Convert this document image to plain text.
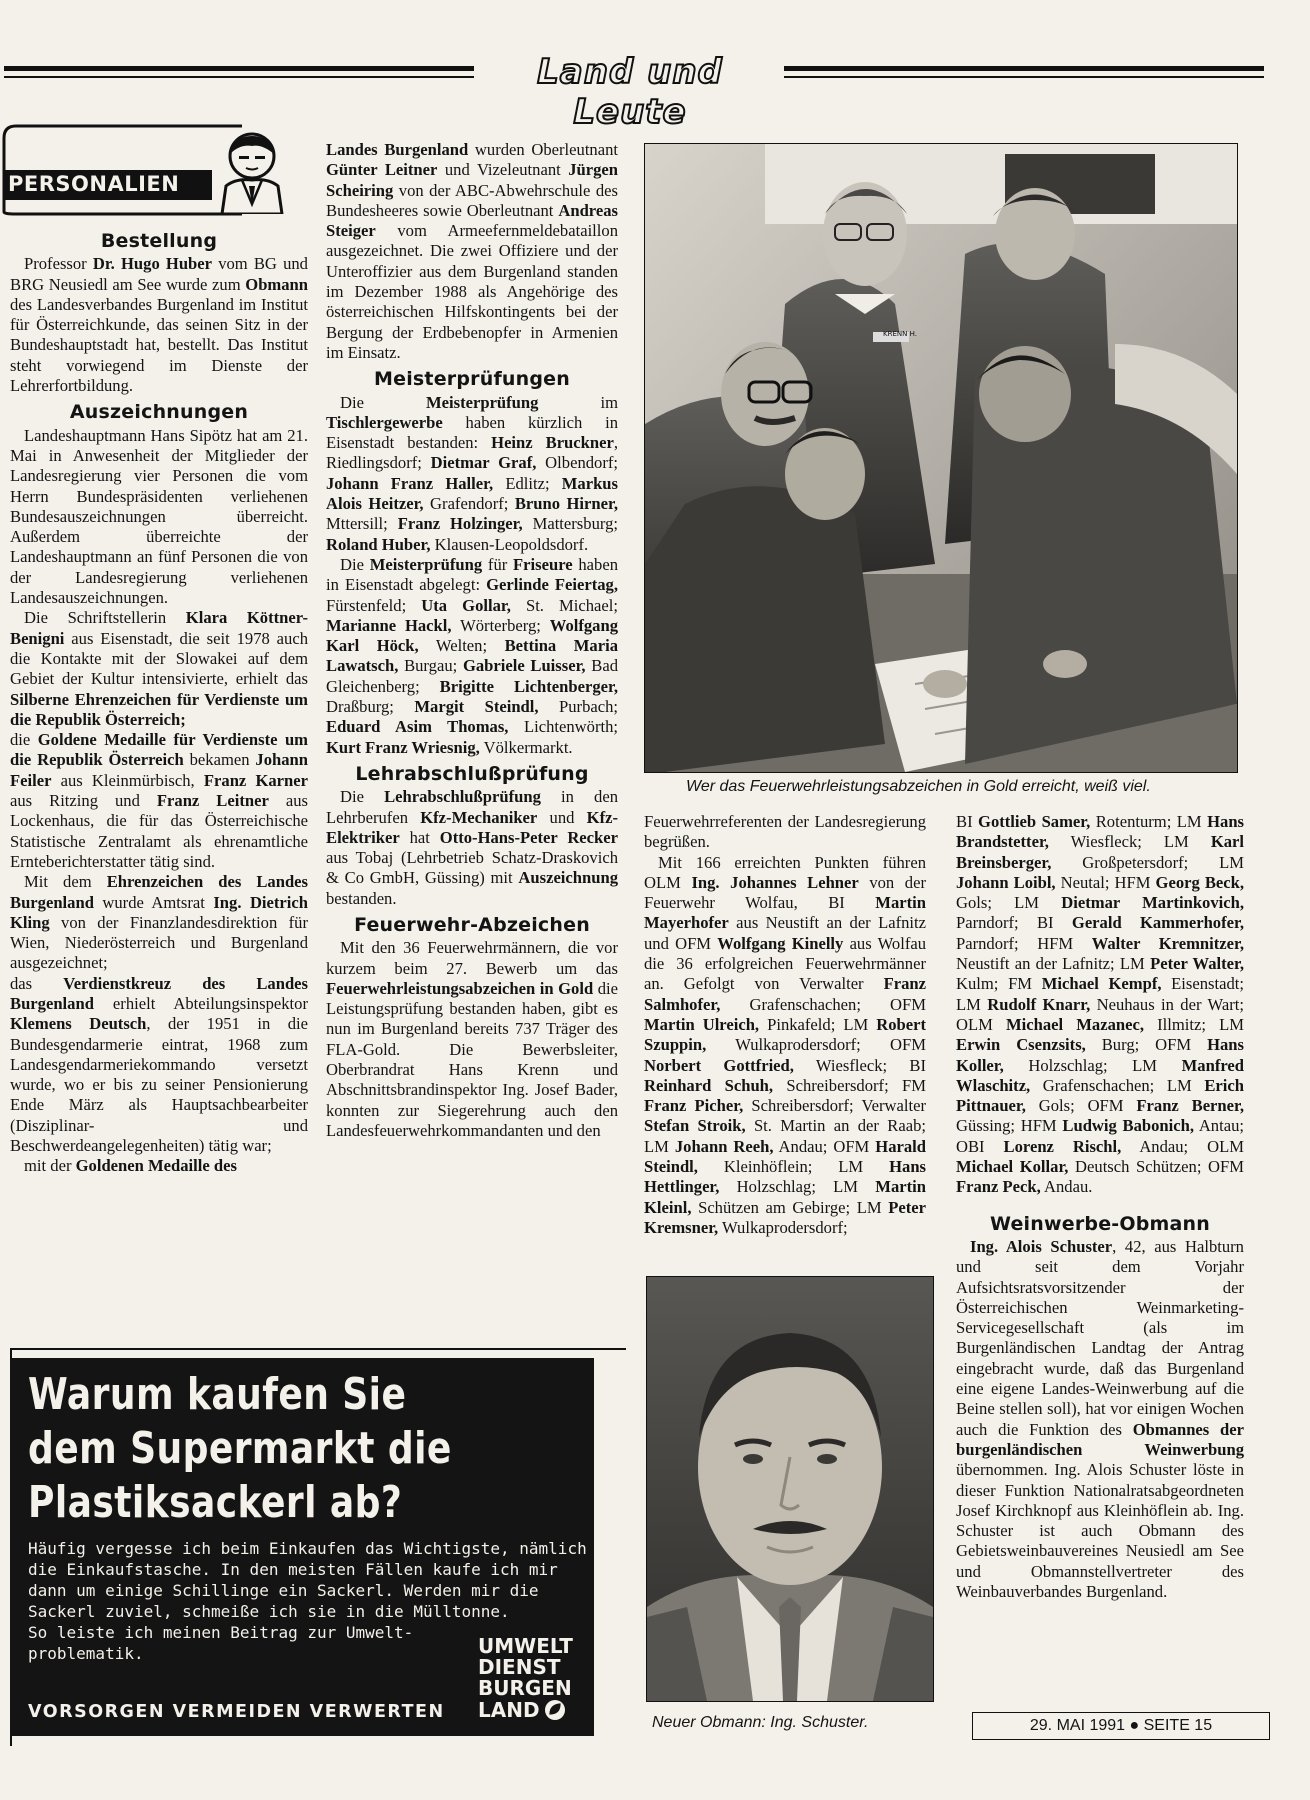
Land und Leute
PERSONALIEN
Bestellung

Professor Dr. Hugo Huber vom BG und BRG Neusiedl am See wurde zum Obmann des Landesverbandes Burgenland im Institut für Österreichkunde, das seinen Sitz in der Bundeshauptstadt hat, bestellt. Das Institut steht vorwiegend im Dienste der Lehrerfortbildung.

Auszeichnungen

Landeshauptmann Hans Sipötz hat am 21. Mai in Anwesenheit der Mitglieder der Landesregierung vier Personen die vom Herrn Bundespräsidenten verliehenen Bundesauszeichnungen überreicht. Außerdem überreichte der Landeshauptmann an fünf Personen die von der Landesregierung verliehenen Landesauszeichnungen.

Die Schriftstellerin Klara Köttner-Benigni aus Eisenstadt, die seit 1978 auch die Kontakte mit der Slowakei auf dem Gebiet der Kultur intensivierte, erhielt das Silberne Ehrenzeichen für Verdienste um die Republik Österreich;

die Goldene Medaille für Verdienste um die Republik Österreich bekamen Johann Feiler aus Kleinmürbisch, Franz Karner aus Ritzing und Franz Leitner aus Lockenhaus, die für das Österreichische Statistische Zentralamt als ehrenamtliche Ernteberichterstatter tätig sind.

Mit dem Ehrenzeichen des Landes Burgenland wurde Amtsrat Ing. Dietrich Kling von der Finanzlandesdirektion für Wien, Niederösterreich und Burgenland ausgezeichnet;

das Verdienstkreuz des Landes Burgenland erhielt Abteilungsinspektor Klemens Deutsch, der 1951 in die Bundesgendarmerie eintrat, 1968 zum Landesgendarmeriekommando versetzt wurde, wo er bis zu seiner Pensionierung Ende März als Hauptsachbearbeiter (Disziplinar- und Beschwerdeangelegenheiten) tätig war;

mit der Goldenen Medaille des

Landes Burgenland wurden Oberleutnant Günter Leitner und Vizeleutnant Jürgen Scheiring von der ABC-Abwehrschule des Bundesheeres sowie Oberleutnant Andreas Steiger vom Armeefernmeldebataillon ausgezeichnet. Die zwei Offiziere und der Unteroffizier aus dem Burgenland standen im Dezember 1988 als Angehörige des österreichischen Hilfskontingents bei der Bergung der Erdbebenopfer in Armenien im Einsatz.

Meisterprüfungen

Die Meisterprüfung im Tischlergewerbe haben kürzlich in Eisenstadt bestanden: Heinz Bruckner, Riedlingsdorf; Dietmar Graf, Olbendorf; Johann Franz Haller, Edlitz; Markus Alois Heitzer, Grafendorf; Bruno Hirner, Mttersill; Franz Holzinger, Mattersburg; Roland Huber, Klausen-Leopoldsdorf.

Die Meisterprüfung für Friseure haben in Eisenstadt abgelegt: Gerlinde Feiertag, Fürstenfeld; Uta Gollar, St. Michael; Marianne Hackl, Wörterberg; Wolfgang Karl Höck, Welten; Bettina Maria Lawatsch, Burgau; Gabriele Luisser, Bad Gleichenberg; Brigitte Lichtenberger, Draßburg; Margit Steindl, Purbach; Eduard Asim Thomas, Lichtenwörth; Kurt Franz Wriesnig, Völkermarkt.

Lehrabschlußprüfung

Die Lehrabschlußprüfung in den Lehrberufen Kfz-Mechaniker und Kfz-Elektriker hat Otto-Hans-Peter Recker aus Tobaj (Lehrbetrieb Schatz-Draskovich & Co GmbH, Güssing) mit Auszeichnung bestanden.

Feuerwehr-Abzeichen

Mit den 36 Feuerwehrmännern, die vor kurzem beim 27. Bewerb um das Feuerwehrleistungsabzeichen in Gold die Leistungsprüfung bestanden haben, gibt es nun im Burgenland bereits 737 Träger des FLA-Gold. Die Bewerbsleiter, Oberbrandrat Hans Krenn und Abschnittsbrandinspektor Ing. Josef Bader, konnten zur Siegerehrung auch den Landesfeuerwehrkommandanten und den

KRENN H.
Wer das Feuerwehrleistungsabzeichen in Gold erreicht, weiß viel.

Feuerwehrreferenten der Landesregierung begrüßen.

Mit 166 erreichten Punkten führen OLM Ing. Johannes Lehner von der Feuerwehr Wolfau, BI Martin Mayerhofer aus Neustift an der Lafnitz und OFM Wolfgang Kinelly aus Wolfau die 36 erfolgreichen Feuerwehrmänner an. Gefolgt von Verwalter Franz Salmhofer, Grafenschachen; OFM Martin Ulreich, Pinkafeld; LM Robert Szuppin, Wulkaprodersdorf; OFM Norbert Gottfried, Wiesfleck; BI Reinhard Schuh, Schreibersdorf; FM Franz Picher, Schreibersdorf; Verwalter Stefan Stroik, St. Martin an der Raab; LM Johann Reeh, Andau; OFM Harald Steindl, Kleinhöflein; LM Hans Hettlinger, Holzschlag; LM Martin Kleinl, Schützen am Gebirge; LM Peter Kremsner, Wulkaprodersdorf;

BI Gottlieb Samer, Rotenturm; LM Hans Brandstetter, Wiesfleck; LM Karl Breinsberger, Großpetersdorf; LM Johann Loibl, Neutal; HFM Georg Beck, Gols; LM Dietmar Martinkovich, Parndorf; BI Gerald Kammerhofer, Parndorf; HFM Walter Kremnitzer, Neustift an der Lafnitz; LM Peter Walter, Kulm; FM Michael Kempf, Eisenstadt; LM Rudolf Knarr, Neuhaus in der Wart; OLM Michael Mazanec, Illmitz; LM Erwin Csenzsits, Burg; OFM Hans Koller, Holzschlag; LM Manfred Wlaschitz, Grafenschachen; LM Erich Pittnauer, Gols; OFM Franz Berner, Güssing; HFM Ludwig Babonich, Antau; OBI Lorenz Rischl, Andau; OLM Michael Kollar, Deutsch Schützen; OFM Franz Peck, Andau.

Weinwerbe-Obmann

Ing. Alois Schuster, 42, aus Halbturn und seit dem Vorjahr Aufsichtsratsvorsitzender der Österreichischen Weinmarketing-Servicegesellschaft (als im Burgenländischen Landtag der Antrag eingebracht wurde, daß das Burgenland eine eigene Landes-Weinwerbung auf die Beine stellen soll), hat vor einigen Wochen auch die Funktion des Obmannes der burgenländischen Weinwerbung übernommen. Ing. Alois Schuster löste in dieser Funktion Nationalratsabgeordneten Josef Kirchknopf aus Kleinhöflein ab. Ing. Schuster ist auch Obmann des Gebietsweinbauvereines Neusiedl am See und Obmannstellvertreter des Weinbauverbandes Burgenland.

Neuer Obmann: Ing. Schuster.
Warum kaufen Sie
dem Supermarkt die
Plastiksackerl ab?
Häufig vergesse ich beim Einkaufen das Wichtigste, nämlich
die Einkaufstasche. In den meisten Fällen kaufe ich mir
dann um einige Schillinge ein Sackerl. Werden mir die
Sackerl zuviel, schmeiße ich sie in die Mülltonne.
So leiste ich meinen Beitrag zur Umwelt-
problematik.	UMWELT
DIENST
BURGEN
LAND
VORSORGEN VERMEIDEN VERWERTEN
29. MAI 1991 ● SEITE 15
